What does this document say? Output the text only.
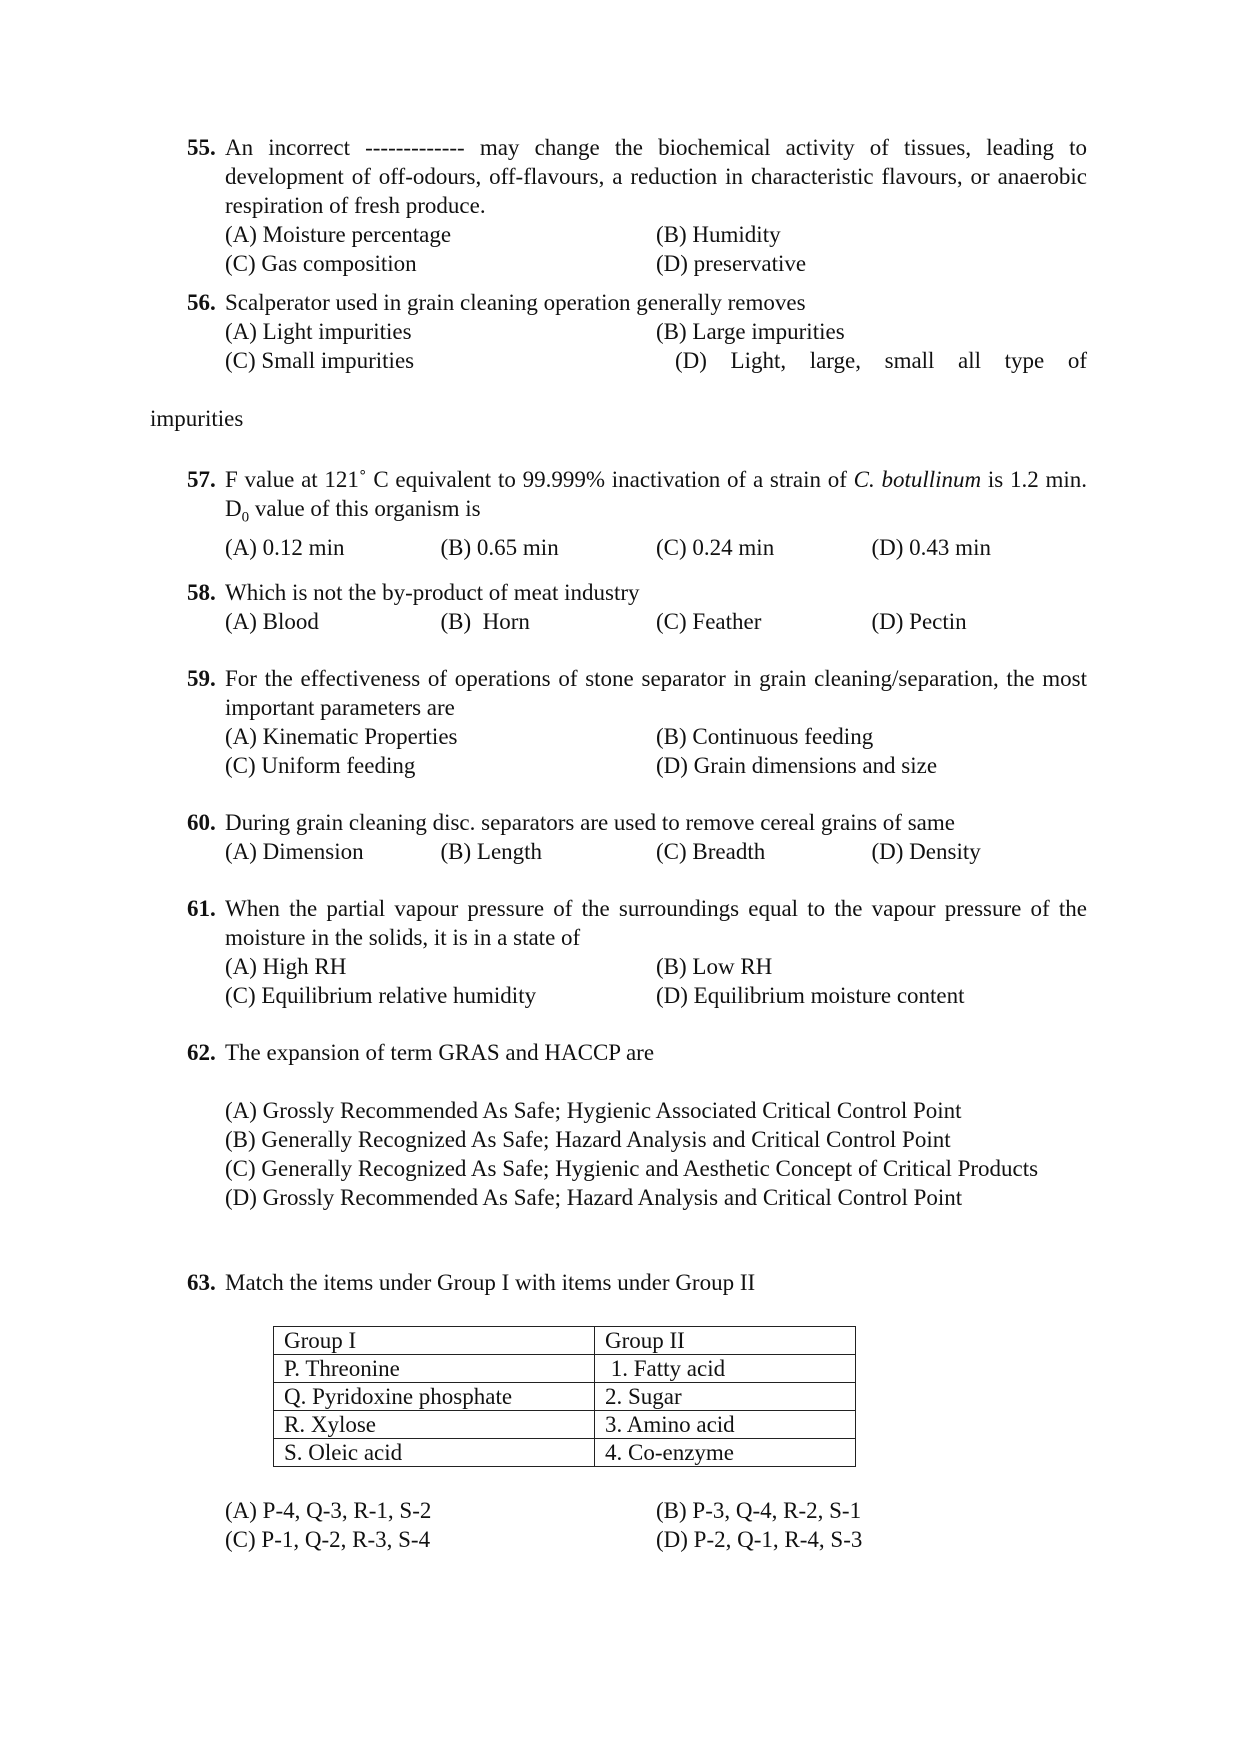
55. An incorrect ------------- may change the biochemical activity of tissues, leading to development of off-odours, off-flavours, a reduction in characteristic flavours, or anaerobic respiration of fresh produce.
(A) Moisture percentage	(B) Humidity
(C) Gas composition	(D) preservative
56. Scalperator used in grain cleaning operation generally removes
(A) Light impurities	(B) Large impurities
(C) Small impurities	(D) Light, large, small all type of
impurities
57. F value at 121˚ C equivalent to 99.999% inactivation of a strain of C. botullinum is 1.2 min. $D_0$ value of this organism is
(A) 0.12 min	(B) 0.65 min	(C) 0.24 min	(D) 0.43 min
58. Which is not the by-product of meat industry
(A) Blood	(B)  Horn	(C) Feather	(D) Pectin
59. For the effectiveness of operations of stone separator in grain cleaning/separation, the most important parameters are
(A) Kinematic Properties	(B) Continuous feeding
(C) Uniform feeding	(D) Grain dimensions and size
60. During grain cleaning disc. separators are used to remove cereal grains of same
(A) Dimension	(B) Length	(C) Breadth	(D) Density
61. When the partial vapour pressure of the surroundings equal to the vapour pressure of the moisture in the solids, it is in a state of
(A) High RH	(B) Low RH
(C) Equilibrium relative humidity	(D) Equilibrium moisture content
62. The expansion of term GRAS and HACCP are
(A) Grossly Recommended As Safe; Hygienic Associated Critical Control Point
(B) Generally Recognized As Safe; Hazard Analysis and Critical Control Point
(C) Generally Recognized As Safe; Hygienic and Aesthetic Concept of Critical Products
(D) Grossly Recommended As Safe; Hazard Analysis and Critical Control Point
63. Match the items under Group I with items under Group II
Group I	Group II
P. Threonine	1. Fatty acid
Q. Pyridoxine phosphate	2. Sugar
R. Xylose	3. Amino acid
S. Oleic acid	4. Co-enzyme
(A) P-4, Q-3, R-1, S-2	(B) P-3, Q-4, R-2, S-1
(C) P-1, Q-2, R-3, S-4	(D) P-2, Q-1, R-4, S-3
